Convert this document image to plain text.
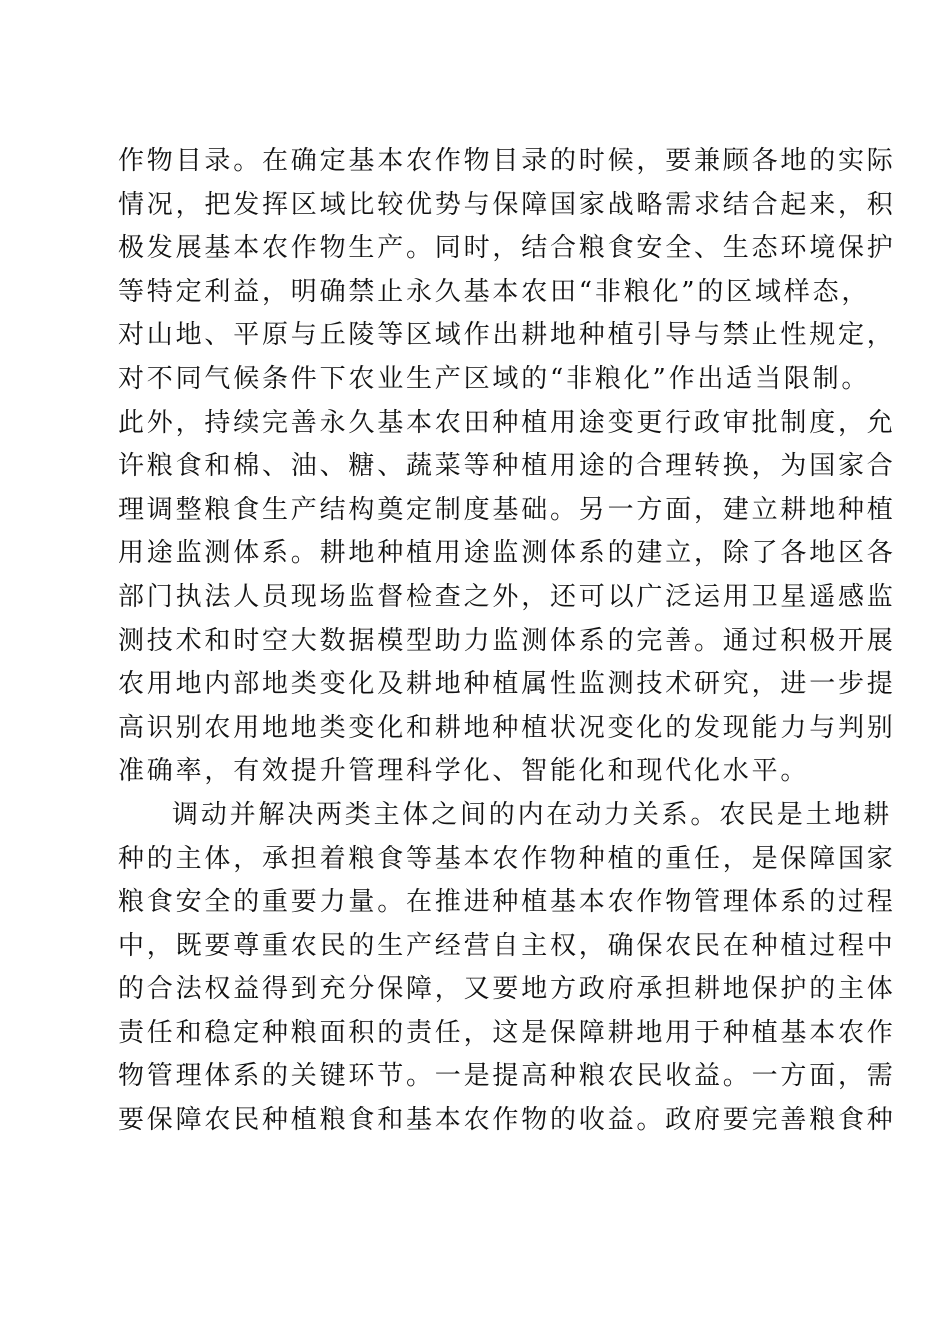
作物目录。在确定基本农作物目录的时候，要兼顾各地的实际
情况，把发挥区域比较优势与保障国家战略需求结合起来，积
极发展基本农作物生产。同时，结合粮食安全、生态环境保护
等特定利益，明确禁止永久基本农田“非粮化”的区域样态，
对山地、平原与丘陵等区域作出耕地种植引导与禁止性规定，
对不同气候条件下农业生产区域的“非粮化”作出适当限制。
此外，持续完善永久基本农田种植用途变更行政审批制度，允
许粮食和棉、油、糖、蔬菜等种植用途的合理转换，为国家合
理调整粮食生产结构奠定制度基础。另一方面，建立耕地种植
用途监测体系。耕地种植用途监测体系的建立，除了各地区各
部门执法人员现场监督检查之外，还可以广泛运用卫星遥感监
测技术和时空大数据模型助力监测体系的完善。通过积极开展
农用地内部地类变化及耕地种植属性监测技术研究，进一步提
高识别农用地地类变化和耕地种植状况变化的发现能力与判别
准确率，有效提升管理科学化、智能化和现代化水平。
调动并解决两类主体之间的内在动力关系。农民是土地耕
种的主体，承担着粮食等基本农作物种植的重任，是保障国家
粮食安全的重要力量。在推进种植基本农作物管理体系的过程
中，既要尊重农民的生产经营自主权，确保农民在种植过程中
的合法权益得到充分保障，又要地方政府承担耕地保护的主体
责任和稳定种粮面积的责任，这是保障耕地用于种植基本农作
物管理体系的关键环节。一是提高种粮农民收益。一方面，需
要保障农民种植粮食和基本农作物的收益。政府要完善粮食种
